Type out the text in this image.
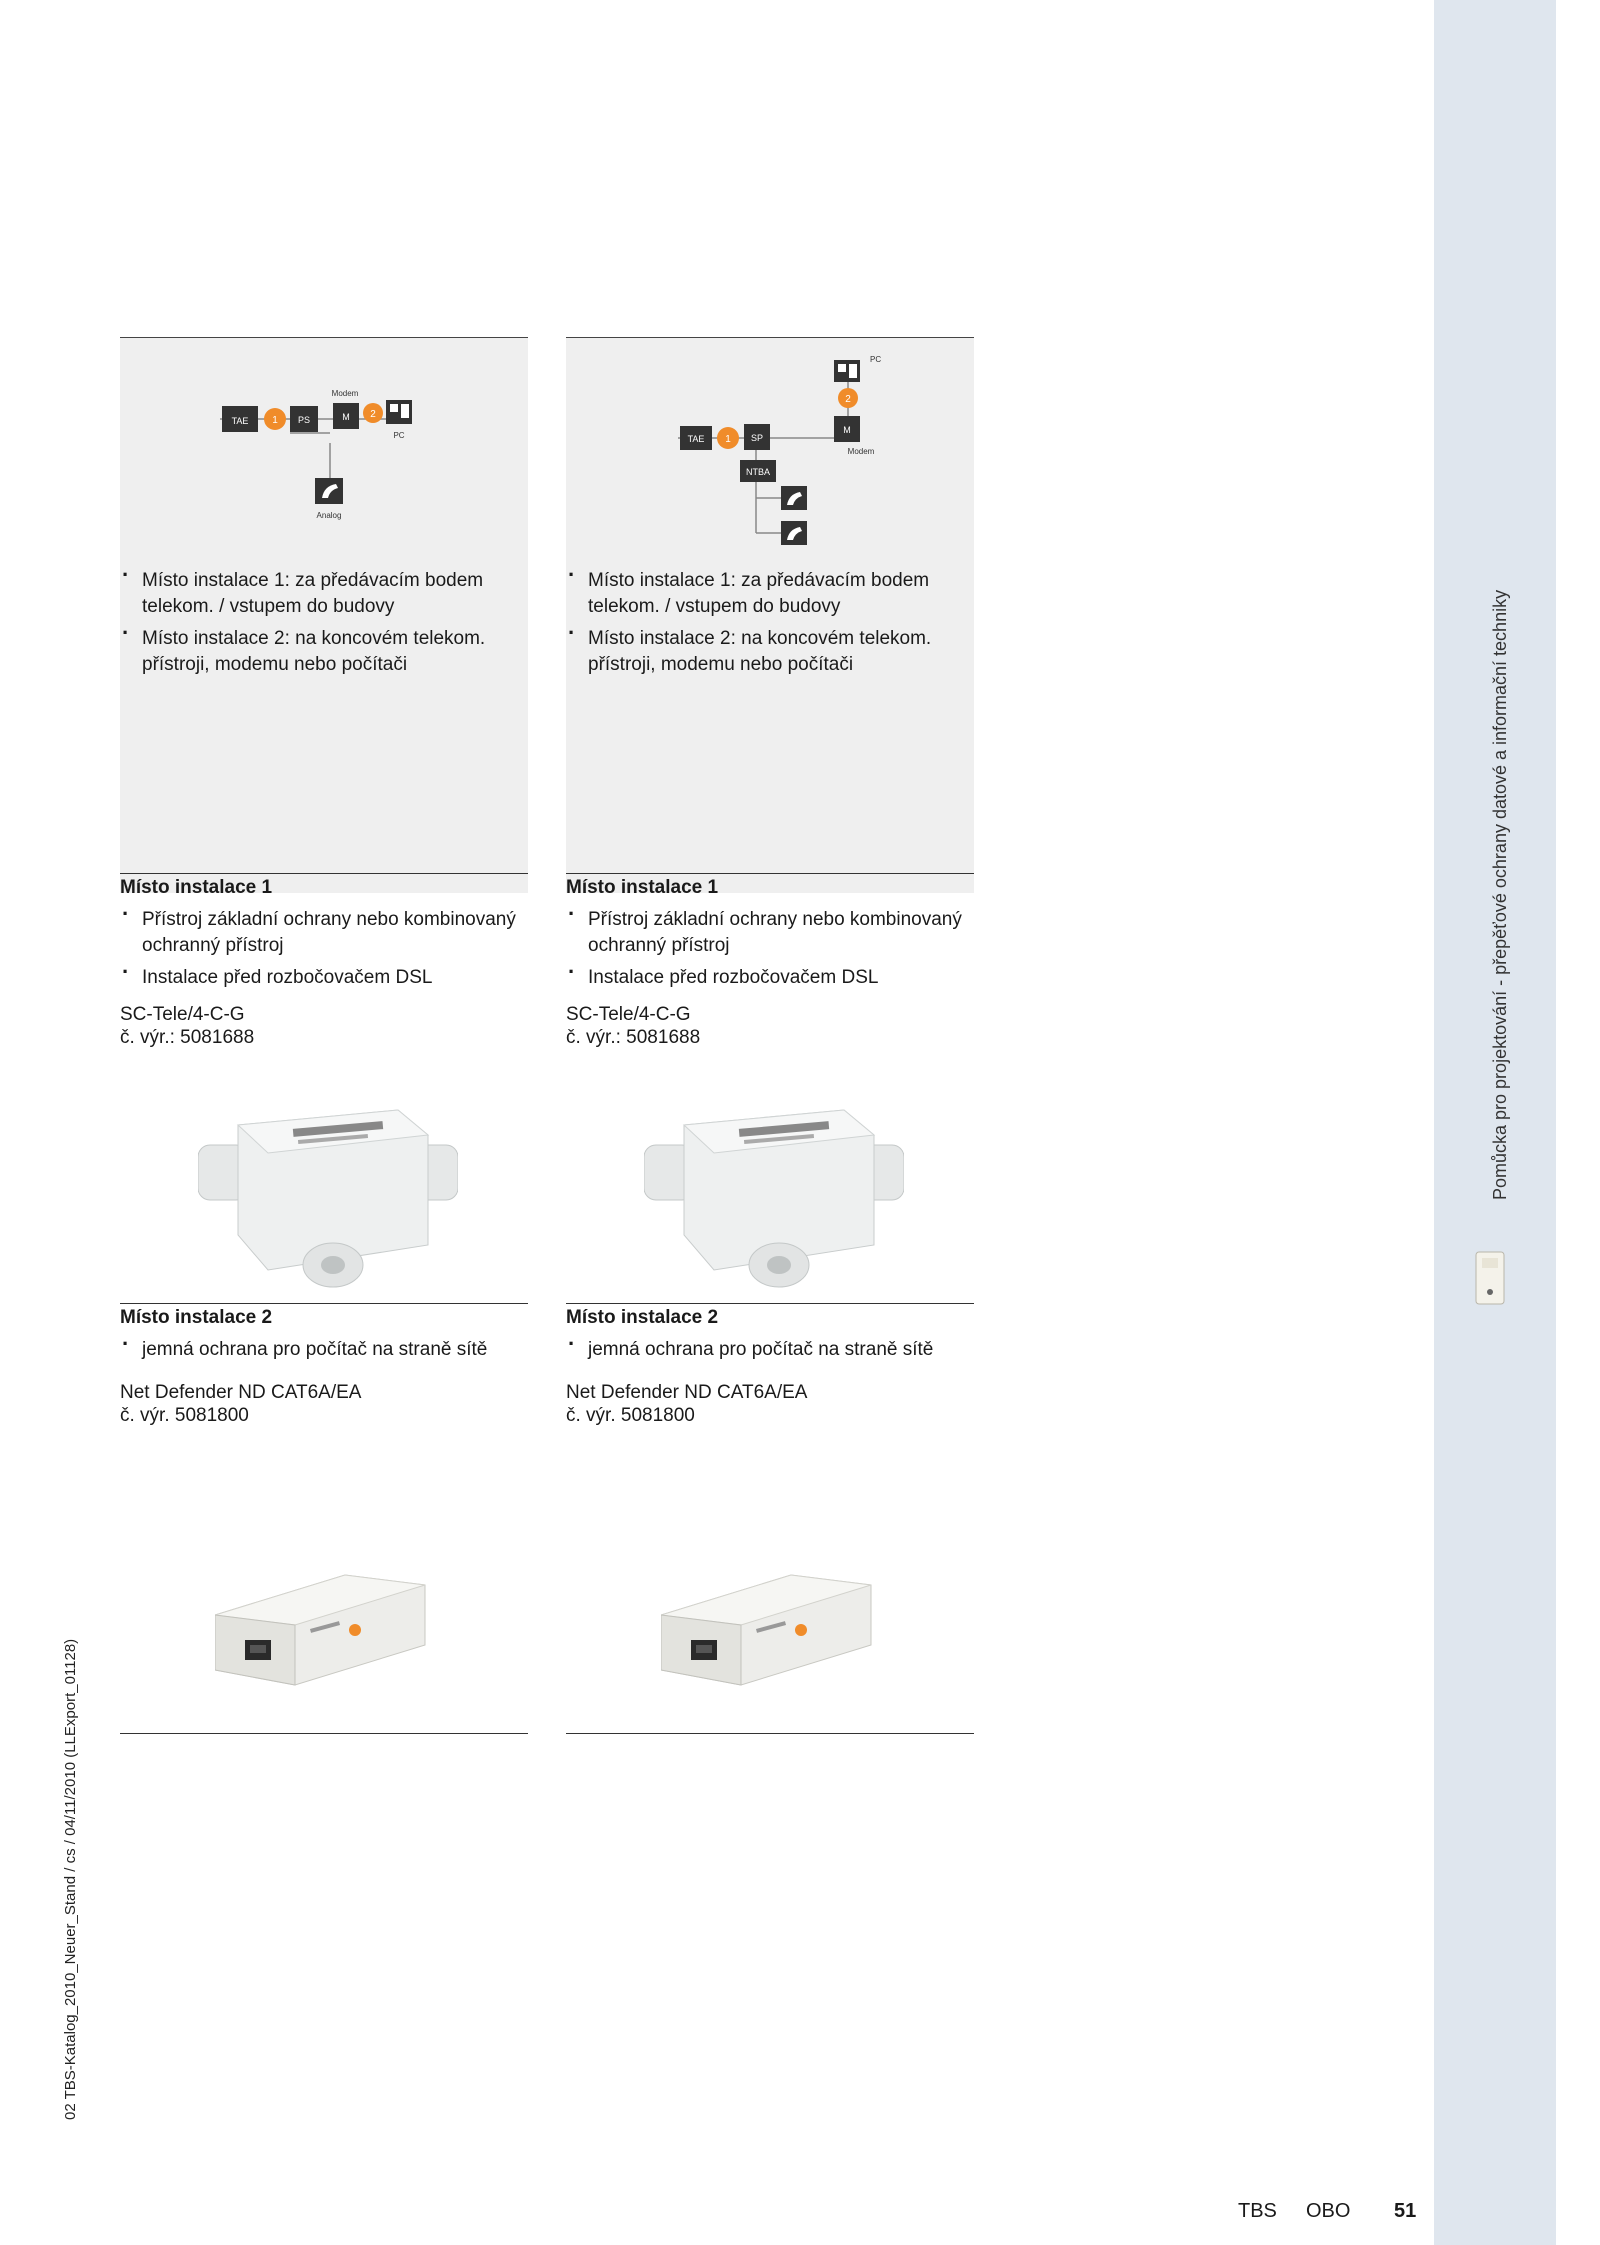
Pomůcka pro projektování - přepěťové ochrany datové a informační techniky
02 TBS-Katalog_2010_Neuer_Stand / cs / 04/11/2010 (LLExport_01128)
TAE 1 PS
Modem
M 2
PC
Analog
· Místo instalace 1: za předávacím bodem telekom. / vstupem do budovy
· Místo instalace 2: na koncovém telekom. přístroji, modemu nebo počítači
Místo instalace 1
· Přístroj základní ochrany nebo kombinovaný ochranný přístroj
· Instalace před rozbočovačem DSL
SC-Tele/4-C-G
č. výr.: 5081688
Místo instalace 2
· jemná ochrana pro počítač na straně sítě
Net Defender ND CAT6A/EA
č. výr. 5081800
TAE 1 SP
M
Modem
2
PC
NTBA
· Místo instalace 1: za předávacím bodem telekom. / vstupem do budovy
· Místo instalace 2: na koncovém telekom. přístroji, modemu nebo počítači
Místo instalace 1
· Přístroj základní ochrany nebo kombinovaný ochranný přístroj
· Instalace před rozbočovačem DSL
SC-Tele/4-C-G
č. výr.: 5081688
Místo instalace 2
· jemná ochrana pro počítač na straně sítě
Net Defender ND CAT6A/EA
č. výr. 5081800
TBS OBO 51
